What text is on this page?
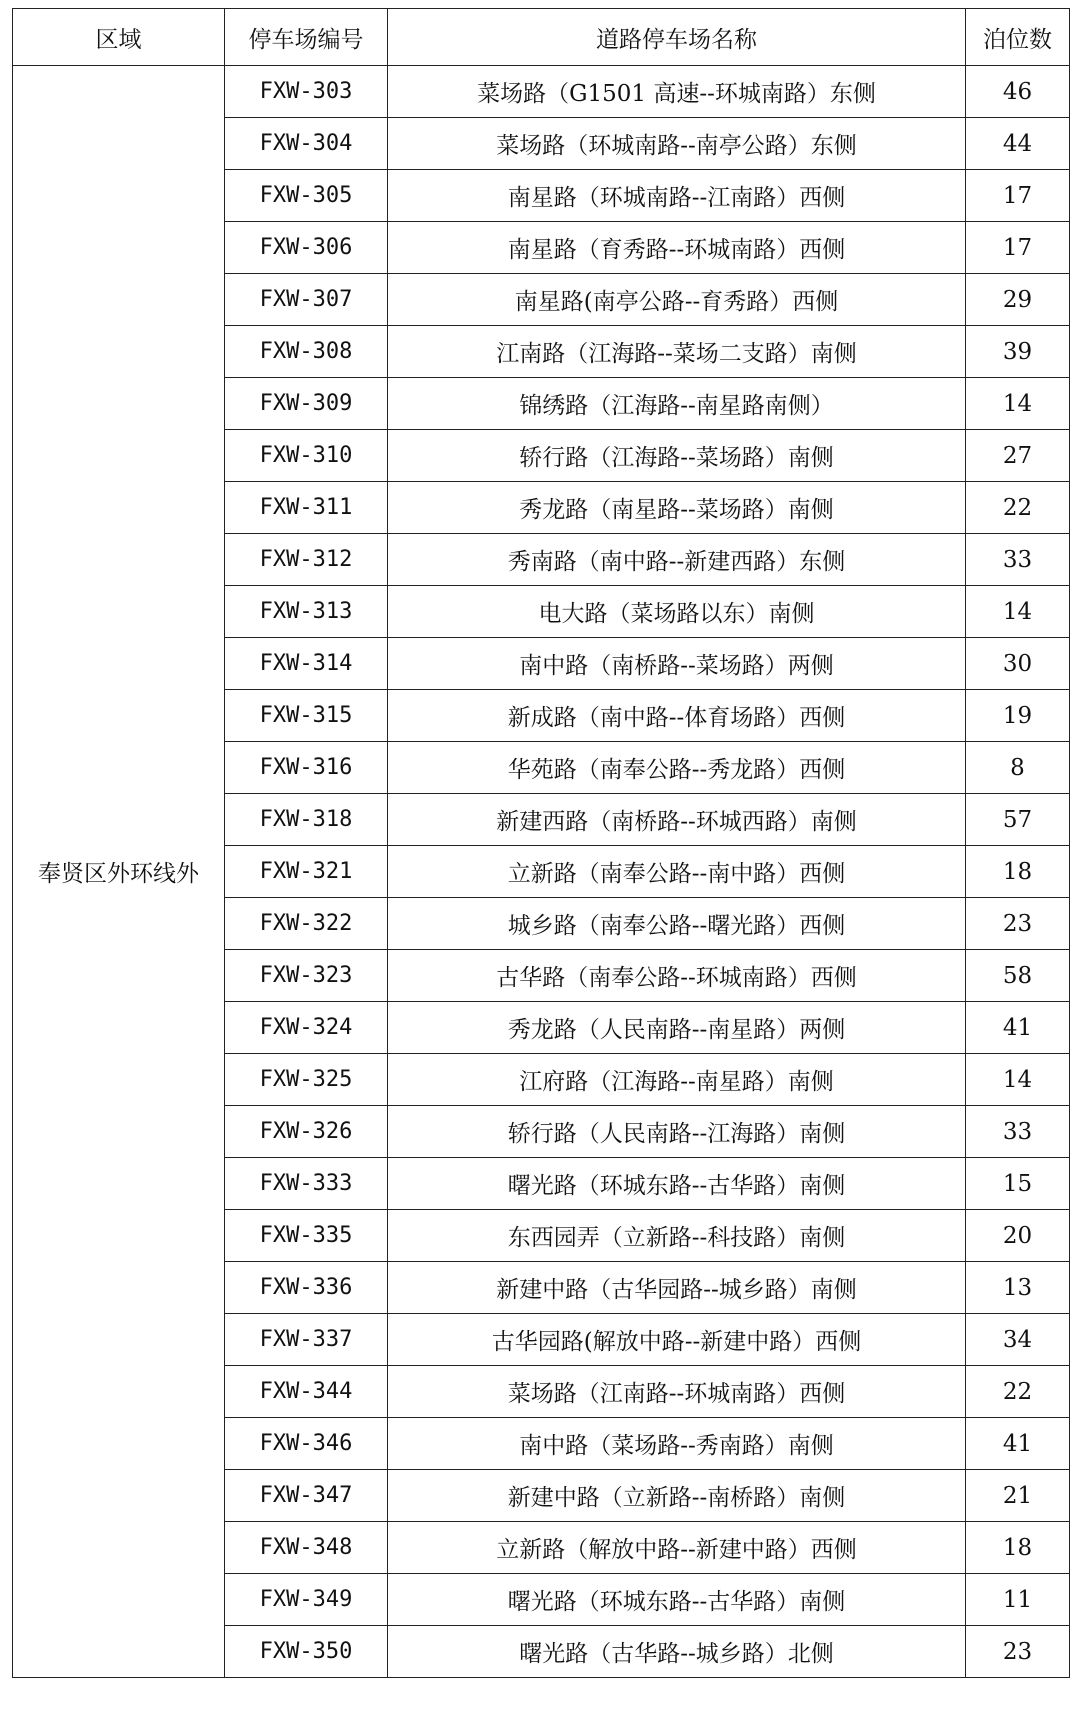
区域	停车场编号	道路停车场名称	泊位数
奉贤区外环线外	FXW-303	菜场路（G1501 高速--环城南路）东侧	46
	FXW-304	菜场路（环城南路--南亭公路）东侧	44
	FXW-305	南星路（环城南路--江南路）西侧	17
	FXW-306	南星路（育秀路--环城南路）西侧	17
	FXW-307	南星路(南亭公路--育秀路）西侧	29
	FXW-308	江南路（江海路--菜场二支路）南侧	39
	FXW-309	锦绣路（江海路--南星路南侧）	14
	FXW-310	轿行路（江海路--菜场路）南侧	27
	FXW-311	秀龙路（南星路--菜场路）南侧	22
	FXW-312	秀南路（南中路--新建西路）东侧	33
	FXW-313	电大路（菜场路以东）南侧	14
	FXW-314	南中路（南桥路--菜场路）两侧	30
	FXW-315	新成路（南中路--体育场路）西侧	19
	FXW-316	华苑路（南奉公路--秀龙路）西侧	8
	FXW-318	新建西路（南桥路--环城西路）南侧	57
	FXW-321	立新路（南奉公路--南中路）西侧	18
	FXW-322	城乡路（南奉公路--曙光路）西侧	23
	FXW-323	古华路（南奉公路--环城南路）西侧	58
	FXW-324	秀龙路（人民南路--南星路）两侧	41
	FXW-325	江府路（江海路--南星路）南侧	14
	FXW-326	轿行路（人民南路--江海路）南侧	33
	FXW-333	曙光路（环城东路--古华路）南侧	15
	FXW-335	东西园弄（立新路--科技路）南侧	20
	FXW-336	新建中路（古华园路--城乡路）南侧	13
	FXW-337	古华园路(解放中路--新建中路）西侧	34
	FXW-344	菜场路（江南路--环城南路）西侧	22
	FXW-346	南中路（菜场路--秀南路）南侧	41
	FXW-347	新建中路（立新路--南桥路）南侧	21
	FXW-348	立新路（解放中路--新建中路）西侧	18
	FXW-349	曙光路（环城东路--古华路）南侧	11
	FXW-350	曙光路（古华路--城乡路）北侧	23
